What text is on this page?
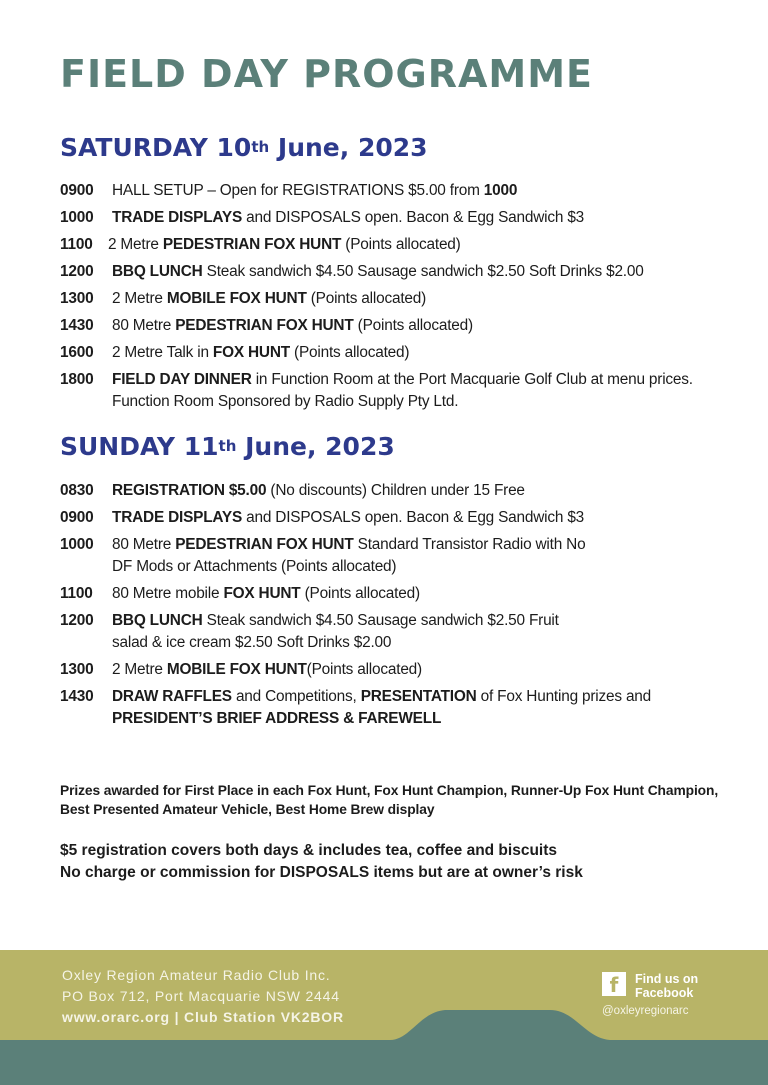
FIELD DAY PROGRAMME
SATURDAY 10th June, 2023
0900	HALL SETUP – Open for REGISTRATIONS $5.00 from 1000
1000	TRADE DISPLAYS and DISPOSALS open. Bacon & Egg Sandwich $3
1100	2 Metre PEDESTRIAN FOX HUNT (Points allocated)
1200	BBQ LUNCH Steak sandwich $4.50 Sausage sandwich $2.50 Soft Drinks $2.00
1300	2 Metre MOBILE FOX HUNT (Points allocated)
1430	80 Metre PEDESTRIAN FOX HUNT (Points allocated)
1600	2 Metre Talk in FOX HUNT (Points allocated)
1800	FIELD DAY DINNER in Function Room at the Port Macquarie Golf Club at menu prices. Function Room Sponsored by Radio Supply Pty Ltd.
SUNDAY 11th June, 2023
0830	REGISTRATION $5.00 (No discounts) Children under 15 Free
0900	TRADE DISPLAYS and DISPOSALS open. Bacon & Egg Sandwich $3
1000	80 Metre PEDESTRIAN FOX HUNT Standard Transistor Radio with No DF Mods or Attachments (Points allocated)
1100	80 Metre mobile FOX HUNT (Points allocated)
1200	BBQ LUNCH Steak sandwich $4.50 Sausage sandwich $2.50 Fruit salad & ice cream $2.50 Soft Drinks $2.00
1300	2 Metre MOBILE FOX HUNT(Points allocated)
1430	DRAW RAFFLES and Competitions, PRESENTATION of Fox Hunting prizes and PRESIDENT’S BRIEF ADDRESS & FAREWELL

Prizes awarded for First Place in each Fox Hunt, Fox Hunt Champion, Runner-Up Fox Hunt Champion, Best Presented Amateur Vehicle, Best Home Brew display

$5 registration covers both days & includes tea, coffee and biscuits
No charge or commission for DISPOSALS items but are at owner’s risk
Oxley Region Amateur Radio Club Inc.
PO Box 712, Port Macquarie NSW 2444
www.orarc.org | Club Station VK2BOR
f	Find us on Facebook
@oxleyregionarc
